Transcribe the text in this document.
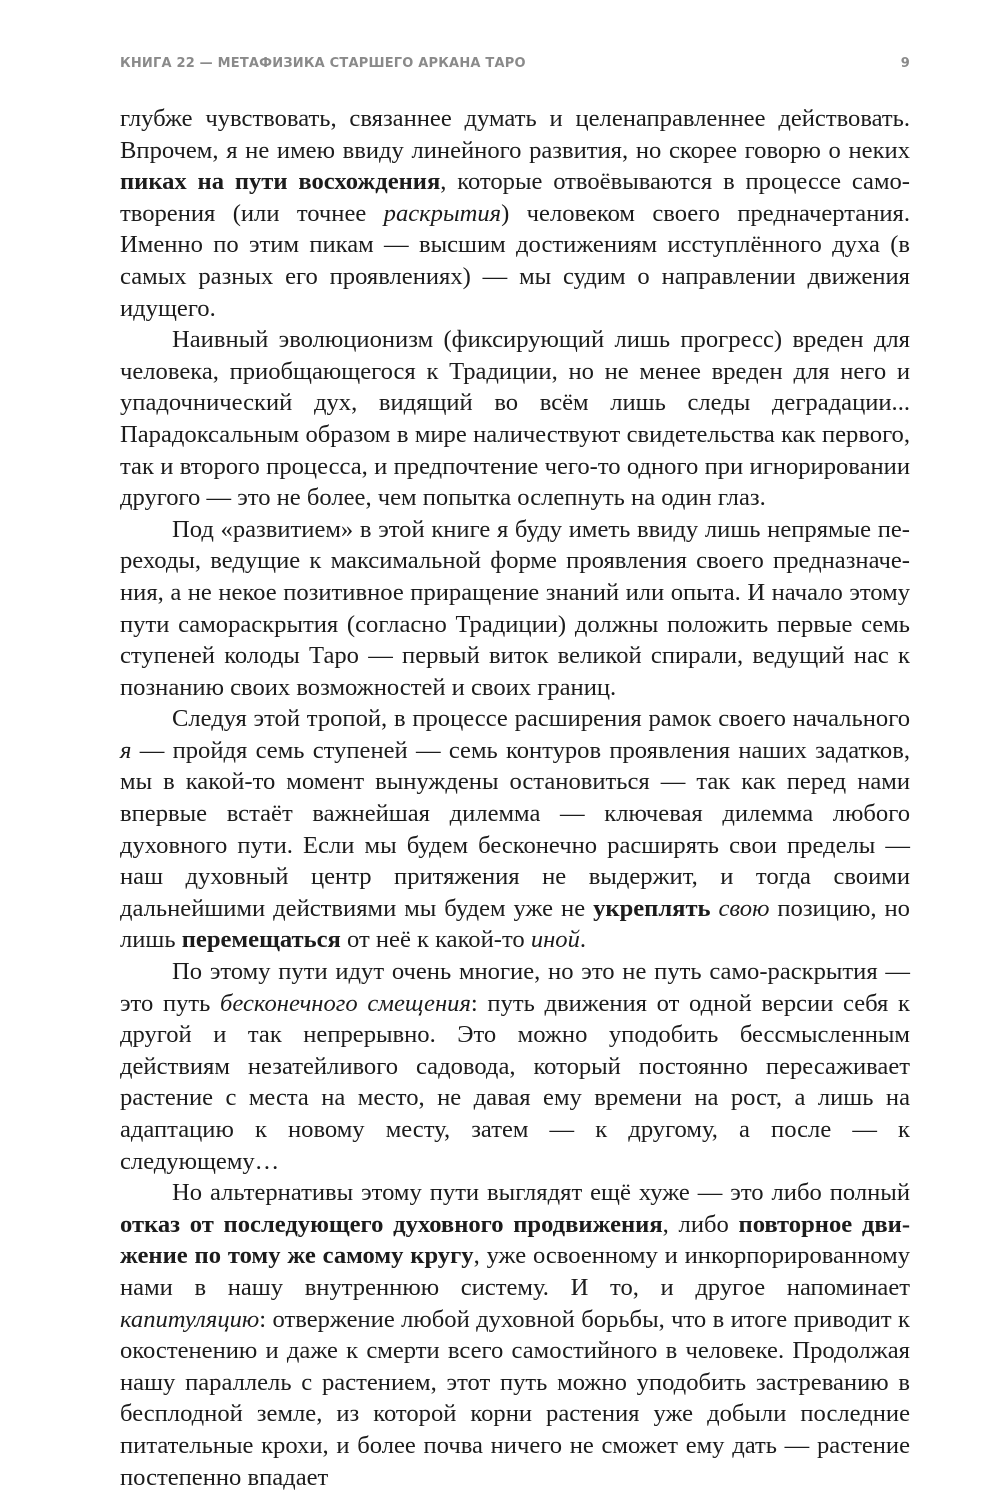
КНИГА 22 — МЕТАФИЗИКА СТАРШЕГО АРКАНА ТАРО	9

глубже чувствовать, связаннее думать и целенаправленнее действовать. Впрочем, я не имею ввиду линейного развития, но скорее говорю о неких пиках на пути восхождения, которые отвоёвываются в процессе само-творения (или точнее раскрытия) человеком своего предначертания. Именно по этим пикам — высшим достижениям исступлённого духа (в самых разных его проявлениях) — мы судим о направлении движения идущего.

Наивный эволюционизм (фиксирующий лишь прогресс) вреден для человека, приобщающегося к Традиции, но не менее вреден для него и упадочнический дух, видящий во всём лишь следы деградации... Парадоксальным образом в мире наличествуют свидетельства как первого, так и второго процесса, и предпочтение чего-то одного при игнорировании другого — это не более, чем попытка ослепнуть на один глаз.

Под «развитием» в этой книге я буду иметь ввиду лишь непрямые переходы, ведущие к максимальной форме проявления своего предназначения, а не некое позитивное приращение знаний или опыта. И начало этому пути самораскрытия (согласно Традиции) должны положить первые семь ступеней колоды Таро — первый виток великой спирали, ведущий нас к познанию своих возможностей и своих границ.

Следуя этой тропой, в процессе расширения рамок своего начального я — пройдя семь ступеней — семь контуров проявления наших задатков, мы в какой-то момент вынуждены остановиться — так как перед нами впервые встаёт важнейшая дилемма — ключевая дилемма любого духовного пути. Если мы будем бесконечно расширять свои пределы — наш духовный центр притяжения не выдержит, и тогда своими дальнейшими действиями мы будем уже не укреплять свою позицию, но лишь перемещаться от неё к какой-то иной.

По этому пути идут очень многие, но это не путь само-раскрытия — это путь бесконечного смещения: путь движения от одной версии себя к другой и так непрерывно. Это можно уподобить бессмысленным действиям незатейливого садовода, который постоянно пересаживает растение с места на место, не давая ему времени на рост, а лишь на адаптацию к новому месту, затем — к другому, а после — к следующему…

Но альтернативы этому пути выглядят ещё хуже — это либо полный отказ от последующего духовного продвижения, либо повторное движение по тому же самому кругу, уже освоенному и инкорпорированному нами в нашу внутреннюю систему. И то, и другое напоминает капитуляцию: отвержение любой духовной борьбы, что в итоге приводит к окостенению и даже к смерти всего самостийного в человеке. Продолжая нашу параллель с растением, этот путь можно уподобить застреванию в бесплодной земле, из которой корни растения уже добыли последние питательные крохи, и более почва ничего не сможет ему дать — растение постепенно впадает
